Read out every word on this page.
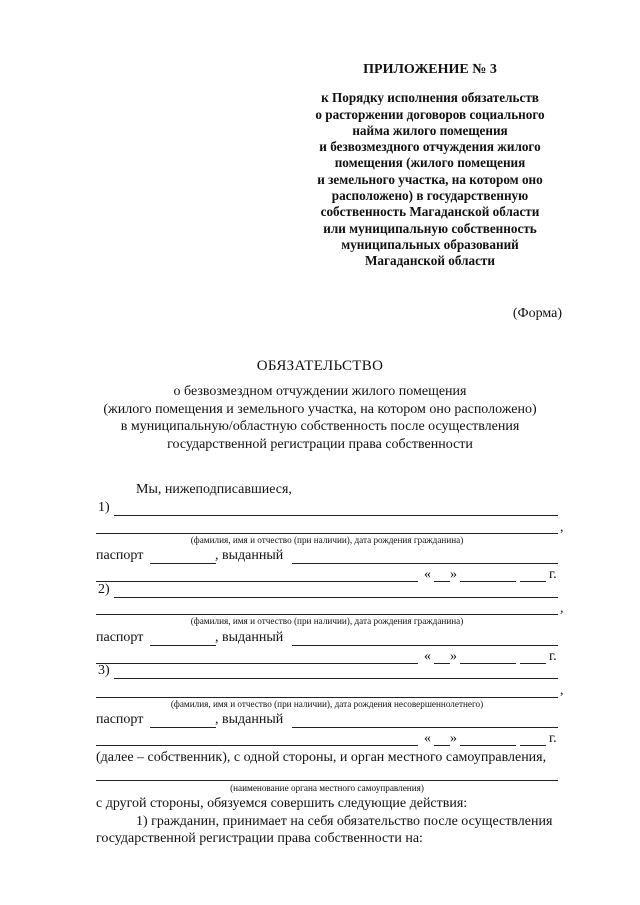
ПРИЛОЖЕНИЕ № 3
к Порядку исполнения обязательств
о расторжении договоров социального
найма жилого помещения
и безвозмездного отчуждения жилого
помещения (жилого помещения
и земельного участка, на котором оно
расположено) в государственную
собственность Магаданской области
или муниципальную собственность
муниципальных образований
Магаданской области
(Форма)
ОБЯЗАТЕЛЬСТВО
о безвозмездном отчуждении жилого помещения
(жилого помещения и земельного участка, на котором оно расположено)
в муниципальную/областную собственность после осуществления
государственной регистрации права собственности
Мы, нижеподписавшиеся,
1)
,
(фамилия, имя и отчество (при наличии), дата рождения гражданина)
паспорт	, выданный
« »	г.
2)
,
(фамилия, имя и отчество (при наличии), дата рождения гражданина)
паспорт	, выданный
« »	г.
3)
,
(фамилия, имя и отчество (при наличии), дата рождения несовершеннолетнего)
паспорт	, выданный
« »	г.
(далее – собственник), с одной стороны, и орган местного самоуправления,
(наименование органа местного самоуправления)
с другой стороны, обязуемся совершить следующие действия:
1) гражданин, принимает на себя обязательство после осуществления
государственной регистрации права собственности на:
